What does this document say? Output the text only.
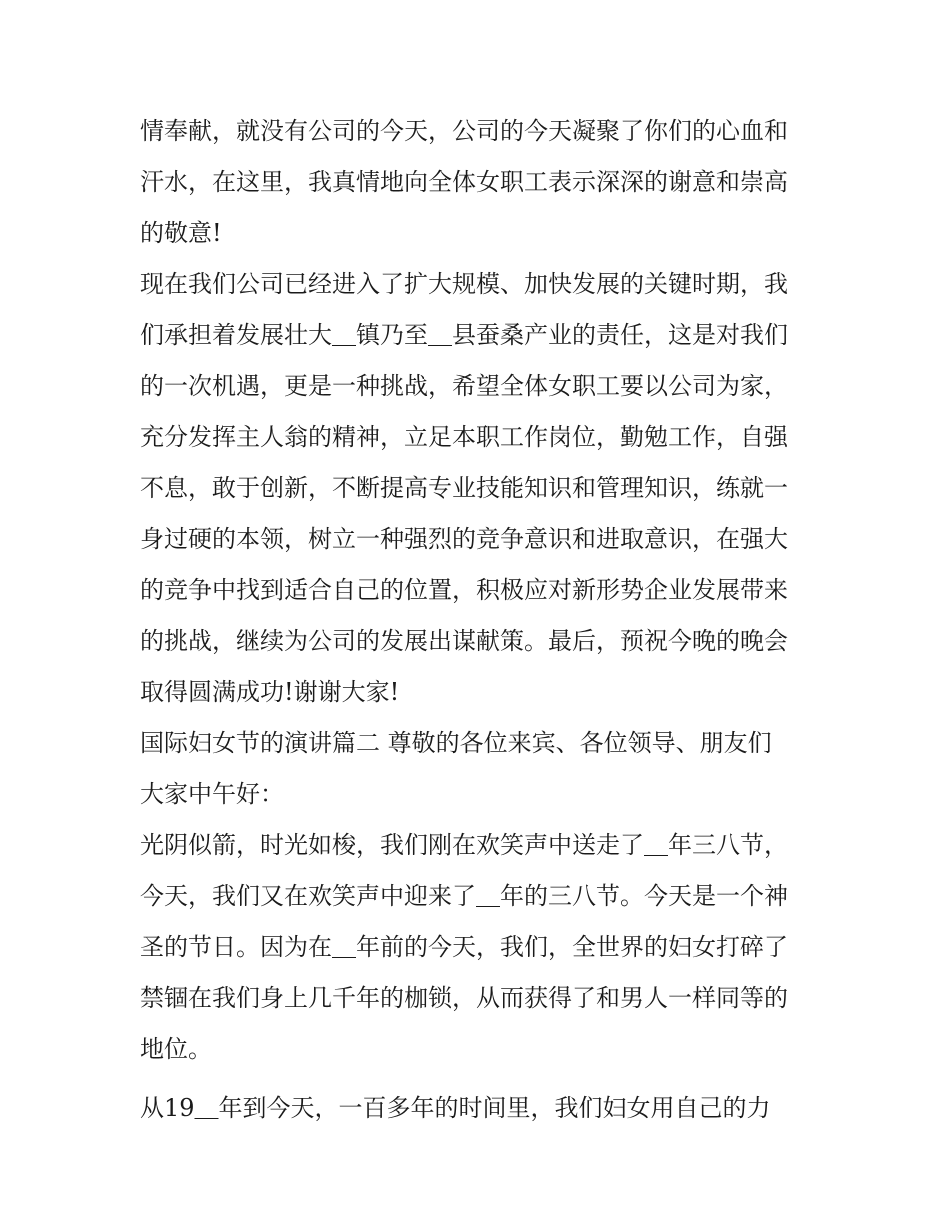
情奉献，就没有公司的今天，公司的今天凝聚了你们的心血和
汗水，在这里，我真情地向全体女职工表示深深的谢意和崇高
的敬意!
现在我们公司已经进入了扩大规模、加快发展的关键时期，我
们承担着发展壮大＿镇乃至＿县蚕桑产业的责任，这是对我们
的一次机遇，更是一种挑战，希望全体女职工要以公司为家，
充分发挥主人翁的精神，立足本职工作岗位，勤勉工作，自强
不息，敢于创新，不断提高专业技能知识和管理知识，练就一
身过硬的本领，树立一种强烈的竞争意识和进取意识，在强大
的竞争中找到适合自己的位置，积极应对新形势企业发展带来
的挑战，继续为公司的发展出谋献策。最后，预祝今晚的晚会
取得圆满成功!谢谢大家!
国际妇女节的演讲篇二 尊敬的各位来宾、各位领导、朋友们
大家中午好：
光阴似箭，时光如梭，我们刚在欢笑声中送走了＿年三八节，
今天，我们又在欢笑声中迎来了＿年的三八节。今天是一个神
圣的节日。因为在＿年前的今天，我们，全世界的妇女打碎了
禁锢在我们身上几千年的枷锁，从而获得了和男人一样同等的
地位。
从19＿年到今天，一百多年的时间里，我们妇女用自己的力
